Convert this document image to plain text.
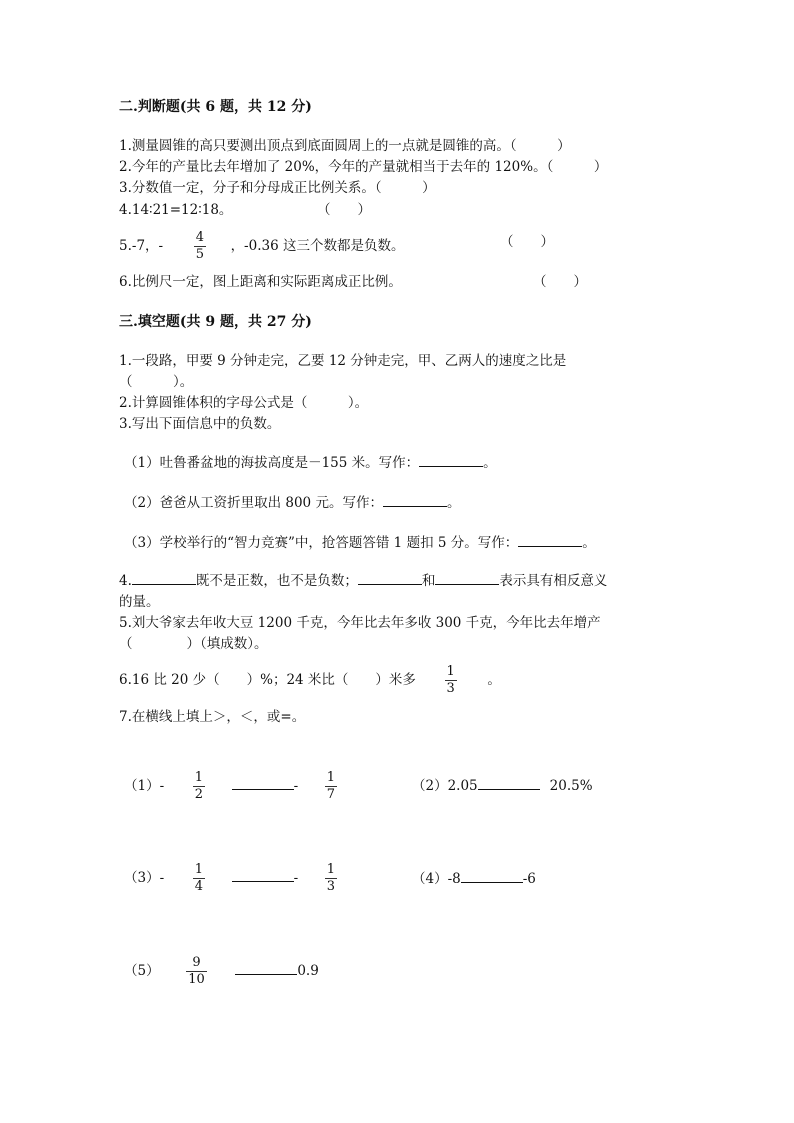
二.判断题(共 6 题，共 12 分)
1.测量圆锥的高只要测出顶点到底面圆周上的一点就是圆锥的高。（　　　）
2.今年的产量比去年增加了 20%，今年的产量就相当于去年的 120%。（　　　）
3.分数值一定，分子和分母成正比例关系。（　　　）
4.14∶21=12∶18。	（　　）
5.-7，- $\frac{4}{5}$ ，-0.36 这三个数都是负数。	（　　）
6.比例尺一定，图上距离和实际距离成正比例。	（　　）
三.填空题(共 9 题，共 27 分)
1.一段路，甲要 9 分钟走完，乙要 12 分钟走完，甲、乙两人的速度之比是
（　　　）。
2.计算圆锥体积的字母公式是（　　　）。
3.写出下面信息中的负数。
（1）吐鲁番盆地的海拔高度是－155 米。写作：	。
（2）爸爸从工资折里取出 800 元。写作：	。
（3）学校举行的“智力竞赛”中，抢答题答错 1 题扣 5 分。写作：	。
4.	既不是正数，也不是负数；	和	表示具有相反意义
的量。
5.刘大爷家去年收大豆 1200 千克，今年比去年多收 300 千克，今年比去年增产
（　　　　）（填成数）。
6.16 比 20 少（　　）%；24 米比（　　）米多 $\frac{1}{3}$ 。
7.在横线上填上＞，＜，或=。
$(1)- \frac{1}{2}$	- $\frac{1}{7}$	（2）2.05	20.5%
$(3)- \frac{1}{4}$	- $\frac{1}{3}$	（4）-8	-6
$(5) \frac{9}{10}$	0.9
